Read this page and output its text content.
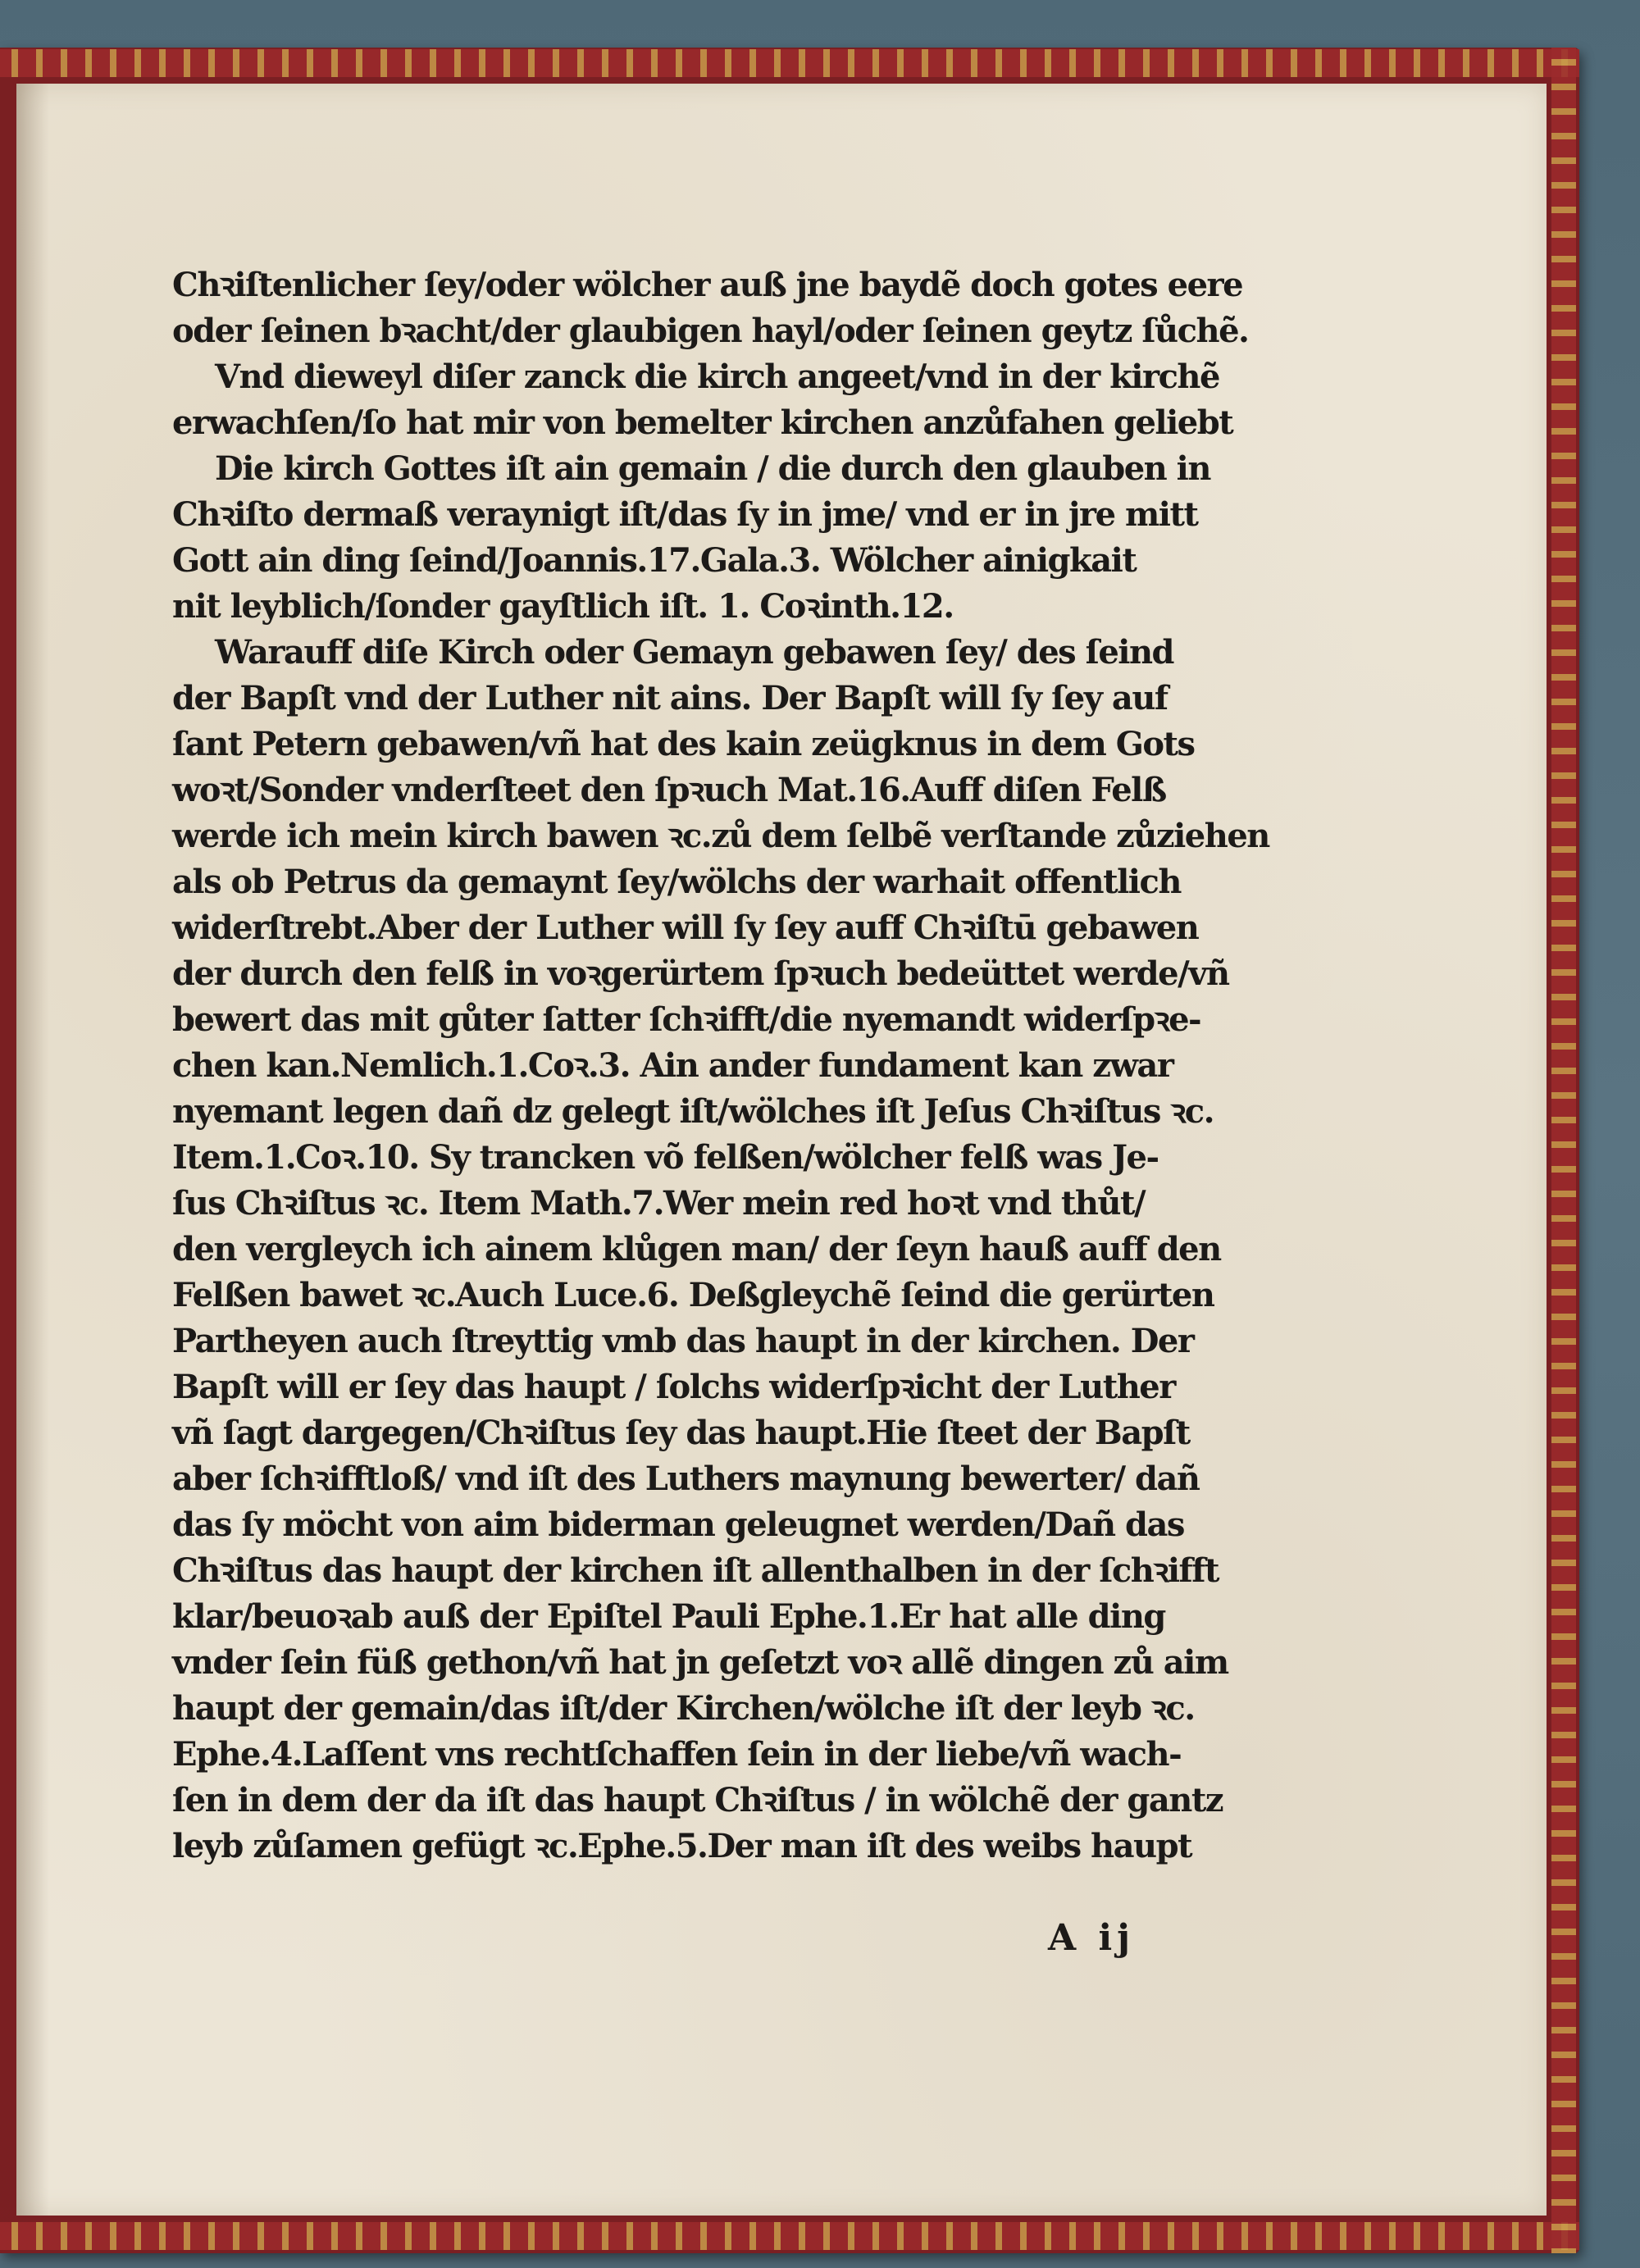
Chꝛiſtenlicher ſey/oder wölcher auß jne baydẽ doch gotes eere
oder ſeinen bꝛacht/der glaubigen hayl/oder ſeinen geytz ſůchẽ.
Vnd dieweyl diſer zanck die kirch angeet/vnd in der kirchẽ
erwachſen/ſo hat mir von bemelter kirchen anzůfahen geliebt
Die kirch Gottes iſt ain gemain / die durch den glauben in
Chꝛiſto dermaß veraynigt iſt/das ſy in jme/ vnd er in jre mitt
Gott ain ding ſeind/Joannis.17.Gala.3. Wölcher ainigkait
nit leyblich/ſonder gayſtlich iſt. 1. Coꝛinth.12.
Warauff diſe Kirch oder Gemayn gebawen ſey/ des ſeind
der Bapſt vnd der Luther nit ains. Der Bapſt will ſy ſey auf
ſant Petern gebawen/vñ hat des kain zeügknus in dem Gots
woꝛt/Sonder vnderſteet den ſpꝛuch Mat.16.Auff diſen Felß
werde ich mein kirch bawen ꝛc.zů dem ſelbẽ verſtande zůziehen
als ob Petrus da gemaynt ſey/wölchs der warhait offentlich
widerſtrebt.Aber der Luther will ſy ſey auff Chꝛiſtū gebawen
der durch den felß in voꝛgerürtem ſpꝛuch bedeüttet werde/vñ
bewert das mit gůter ſatter ſchꝛifft/die nyemandt widerſpꝛe-
chen kan.Nemlich.1.Coꝛ.3. Ain ander fundament kan zwar
nyemant legen dañ dz gelegt iſt/wölches iſt Jeſus Chꝛiſtus ꝛc.
Item.1.Coꝛ.10. Sy trancken võ felßen/wölcher felß was Je-
ſus Chꝛiſtus ꝛc. Item Math.7.Wer mein red hoꝛt vnd thůt/
den vergleych ich ainem klůgen man/ der ſeyn hauß auff den
Felßen bawet ꝛc.Auch Luce.6. Deßgleychẽ ſeind die gerürten
Partheyen auch ſtreyttig vmb das haupt in der kirchen. Der
Bapſt will er ſey das haupt / ſolchs widerſpꝛicht der Luther
vñ ſagt dargegen/Chꝛiſtus ſey das haupt.Hie ſteet der Bapſt
aber ſchꝛifftloß/ vnd iſt des Luthers maynung bewerter/ dañ
das ſy möcht von aim biderman geleugnet werden/Dañ das
Chꝛiſtus das haupt der kirchen iſt allenthalben in der ſchꝛifft
klar/beuoꝛab auß der Epiſtel Pauli Ephe.1.Er hat alle ding
vnder ſein füß gethon/vñ hat jn geſetzt voꝛ allẽ dingen zů aim
haupt der gemain/das iſt/der Kirchen/wölche iſt der leyb ꝛc.
Ephe.4.Laſſent vns rechtſchaffen ſein in der liebe/vñ wach-
ſen in dem der da iſt das haupt Chꝛiſtus / in wölchẽ der gantz
leyb zůſamen gefügt ꝛc.Ephe.5.Der man iſt des weibs haupt
A ij
